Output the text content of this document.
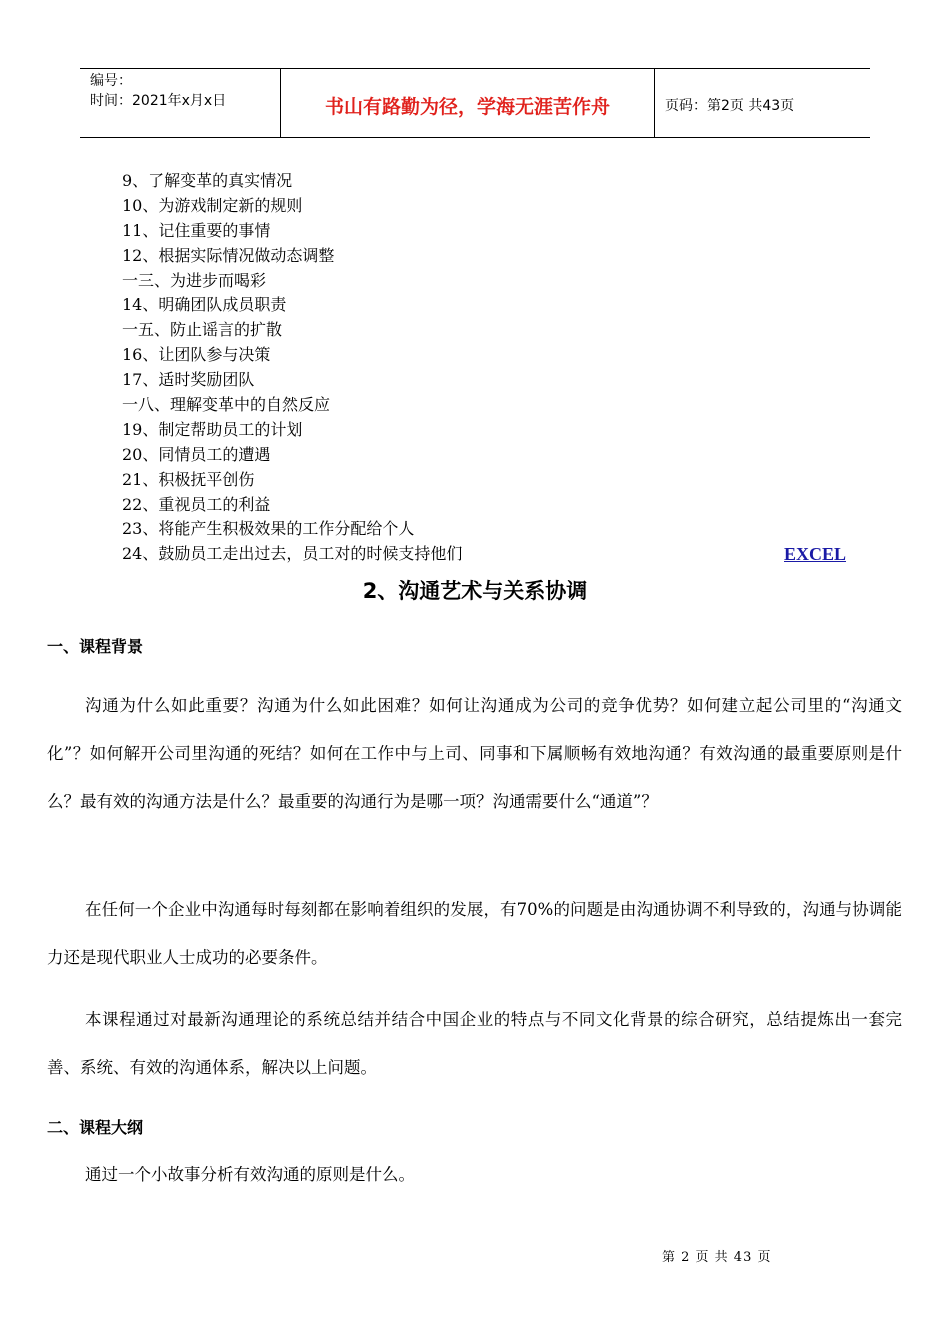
编号：
时间：2021年x月x日	书山有路勤为径，学海无涯苦作舟	页码：第2页 共43页
9、了解变革的真实情况
10、为游戏制定新的规则
11、记住重要的事情
12、根据实际情况做动态调整
一三、为进步而喝彩
14、明确团队成员职责
一五、防止谣言的扩散
16、让团队参与决策
17、适时奖励团队
一八、理解变革中的自然反应
19、制定帮助员工的计划
20、同情员工的遭遇
21、积极抚平创伤
22、重视员工的利益
23、将能产生积极效果的工作分配给个人
24、鼓励员工走出过去，员工对的时候支持他们	EXCEL
2、沟通艺术与关系协调
一、课程背景

沟通为什么如此重要？沟通为什么如此困难？如何让沟通成为公司的竞争优势？如何建立起公司里的“沟通文化”？如何解开公司里沟通的死结？如何在工作中与上司、同事和下属顺畅有效地沟通？有效沟通的最重要原则是什么？最有效的沟通方法是什么？最重要的沟通行为是哪一项？沟通需要什么“通道”？

在任何一个企业中沟通每时每刻都在影响着组织的发展，有70%的问题是由沟通协调不利导致的，沟通与协调能力还是现代职业人士成功的必要条件。

本课程通过对最新沟通理论的系统总结并结合中国企业的特点与不同文化背景的综合研究，总结提炼出一套完善、系统、有效的沟通体系，解决以上问题。

二、课程大纲

通过一个小故事分析有效沟通的原则是什么。

第 2 页 共 43 页
